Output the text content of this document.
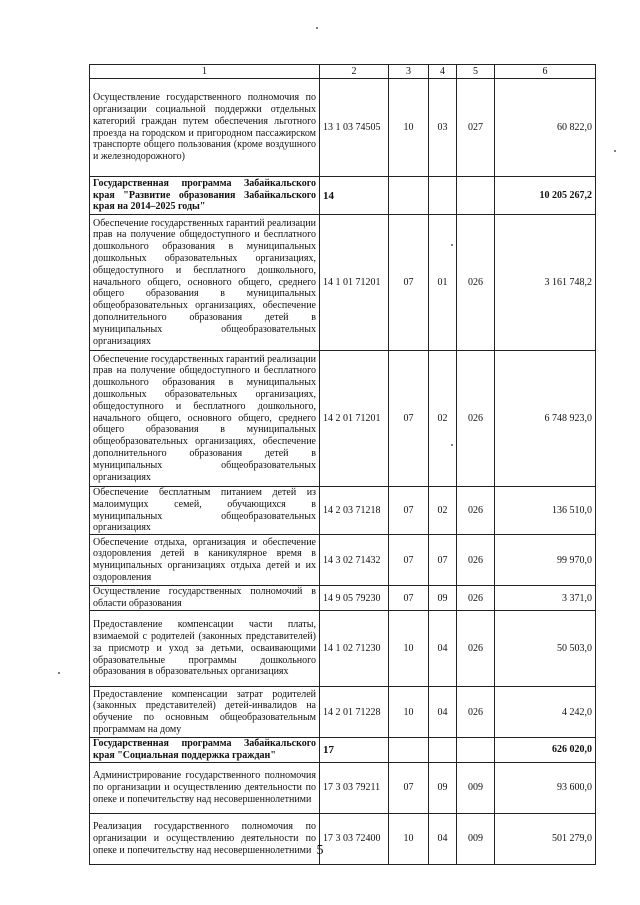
1	2	3	4	5	6
Осуществление государственного полномочия по организации социальной поддержки отдельных категорий граждан путем обеспечения льготного проезда на городском и пригородном пассажирском транспорте общего пользования (кроме воздушного и железнодорожного)	13 1 03 74505	10	03	027	60 822,0
Государственная программа Забайкальского края "Развитие образования Забайкальского края на 2014–2025 годы"	14				10 205 267,2
Обеспечение государственных гарантий реализации прав на получение общедоступного и бесплатного дошкольного образования в муниципальных дошкольных образовательных организациях, общедоступного и бесплатного дошкольного, начального общего, основного общего, среднего общего образования в муниципальных общеобразовательных организациях, обеспечение дополнительного образования детей в муниципальных общеобразовательных организациях	14 1 01 71201	07	01	026	3 161 748,2
Обеспечение государственных гарантий реализации прав на получение общедоступного и бесплатного дошкольного образования в муниципальных дошкольных образовательных организациях, общедоступного и бесплатного дошкольного, начального общего, основного общего, среднего общего образования в муниципальных общеобразовательных организациях, обеспечение дополнительного образования детей в муниципальных общеобразовательных организациях	14 2 01 71201	07	02	026	6 748 923,0
Обеспечение бесплатным питанием детей из малоимущих семей, обучающихся в муниципальных общеобразовательных организациях	14 2 03 71218	07	02	026	136 510,0
Обеспечение отдыха, организация и обеспечение оздоровления детей в каникулярное время в муниципальных организациях отдыха детей и их оздоровления	14 3 02 71432	07	07	026	99 970,0
Осуществление государственных полномочий в области образования	14 9 05 79230	07	09	026	3 371,0
Предоставление компенсации части платы, взимаемой с родителей (законных представителей) за присмотр и уход за детьми, осваивающими образовательные программы дошкольного образования в образовательных организациях	14 1 02 71230	10	04	026	50 503,0
Предоставление компенсации затрат родителей (законных представителей) детей-инвалидов на обучение по основным общеобразовательным программам на дому	14 2 01 71228	10	04	026	4 242,0
Государственная программа Забайкальского края "Социальная поддержка граждан"	17				626 020,0
Администрирование государственного полномочия по организации и осуществлению деятельности по опеке и попечительству над несовершеннолетними	17 3 03 79211	07	09	009	93 600,0
Реализация государственного полномочия по организации и осуществлению деятельности по опеке и попечительству над несовершеннолетними	17 3 03 72400	10	04	009	501 279,0
5
